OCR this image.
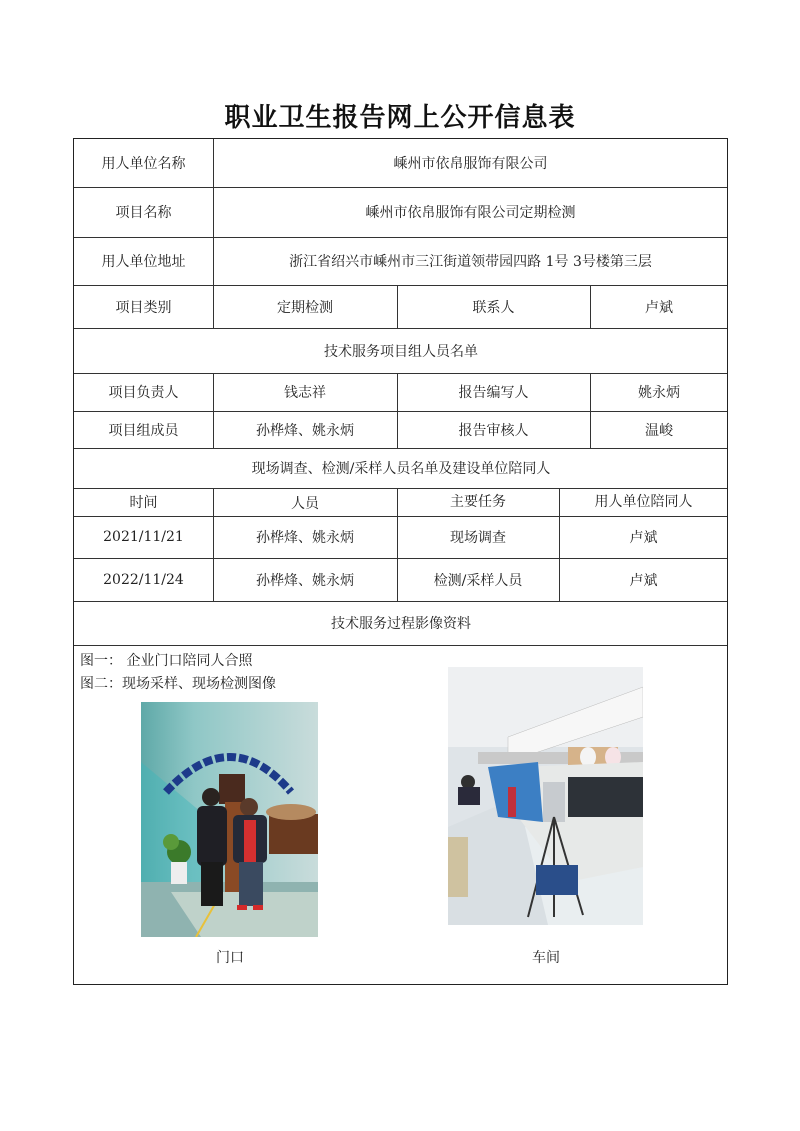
职业卫生报告网上公开信息表
用人单位名称	嵊州市依帛服饰有限公司
项目名称	嵊州市依帛服饰有限公司定期检测
用人单位地址	浙江省绍兴市嵊州市三江街道领带园四路 1号 3号楼第三层
项目类别	定期检测	联系人	卢斌
技术服务项目组人员名单
项目负责人	钱志祥	报告编写人	姚永炳
项目组成员	孙桦烽、姚永炳	报告审核人	温峻
现场调查、检测/采样人员名单及建设单位陪同人
时间	人员	主要任务	用人单位陪同人
2021/11/21	孙桦烽、姚永炳	现场调查	卢斌
2022/11/24	孙桦烽、姚永炳	检测/采样人员	卢斌
技术服务过程影像资料
图一： 企业门口陪同人合照
图二：现场采样、现场检测图像
门口	车间
